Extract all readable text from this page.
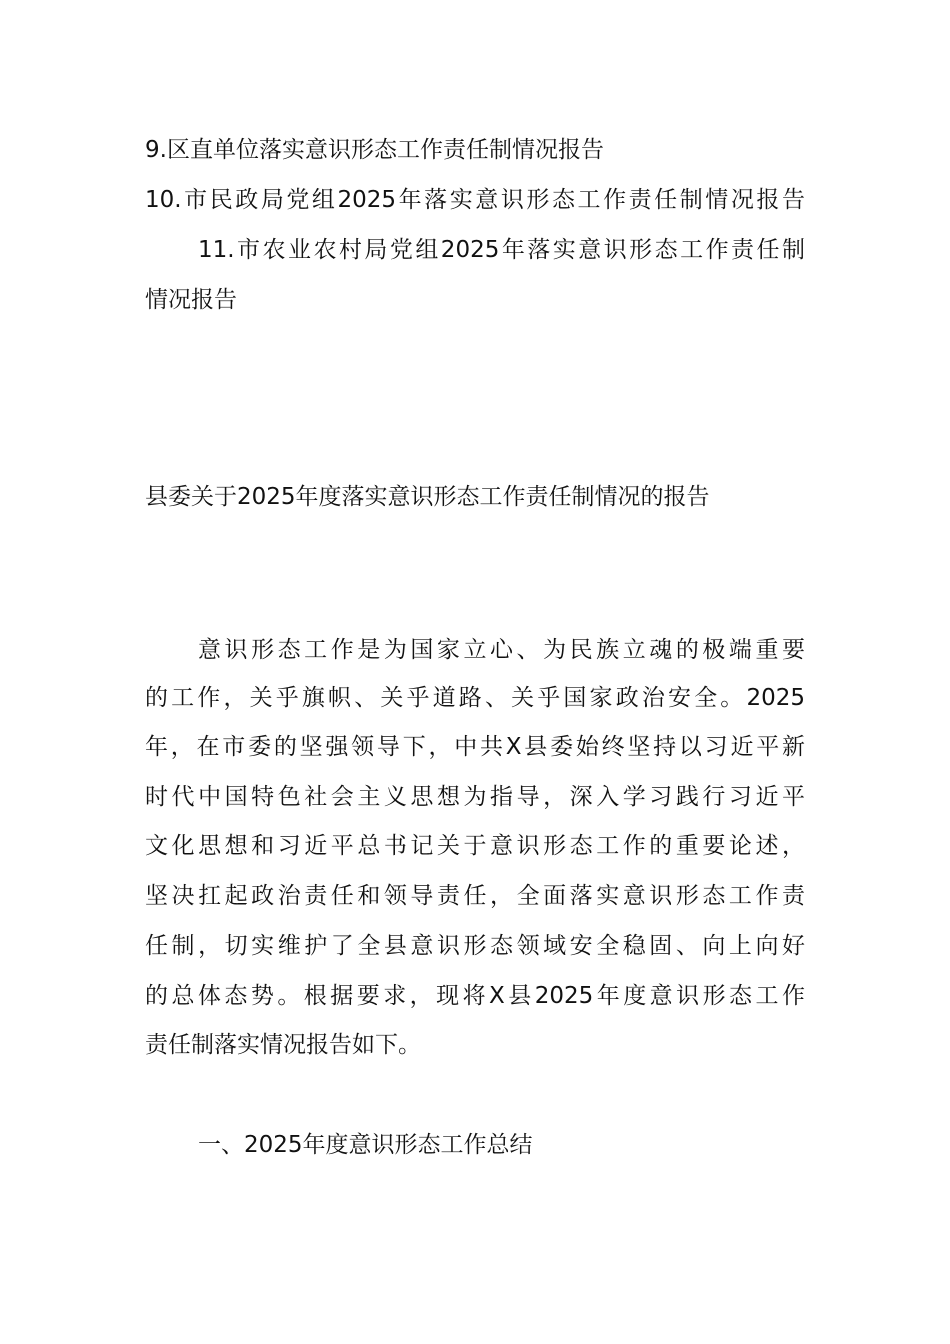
9.区直单位落实意识形态工作责任制情况报告
10.市民政局党组2025年落实意识形态工作责任制情况报告
11.市农业农村局党组2025年落实意识形态工作责任制
情况报告
县委关于2025年度落实意识形态工作责任制情况的报告
意识形态工作是为国家立心、为民族立魂的极端重要
的工作，关乎旗帜、关乎道路、关乎国家政治安全。2025
年，在市委的坚强领导下，中共X县委始终坚持以习近平新
时代中国特色社会主义思想为指导，深入学习践行习近平
文化思想和习近平总书记关于意识形态工作的重要论述，
坚决扛起政治责任和领导责任，全面落实意识形态工作责
任制，切实维护了全县意识形态领域安全稳固、向上向好
的总体态势。根据要求，现将X县2025年度意识形态工作
责任制落实情况报告如下。
一、2025年度意识形态工作总结
